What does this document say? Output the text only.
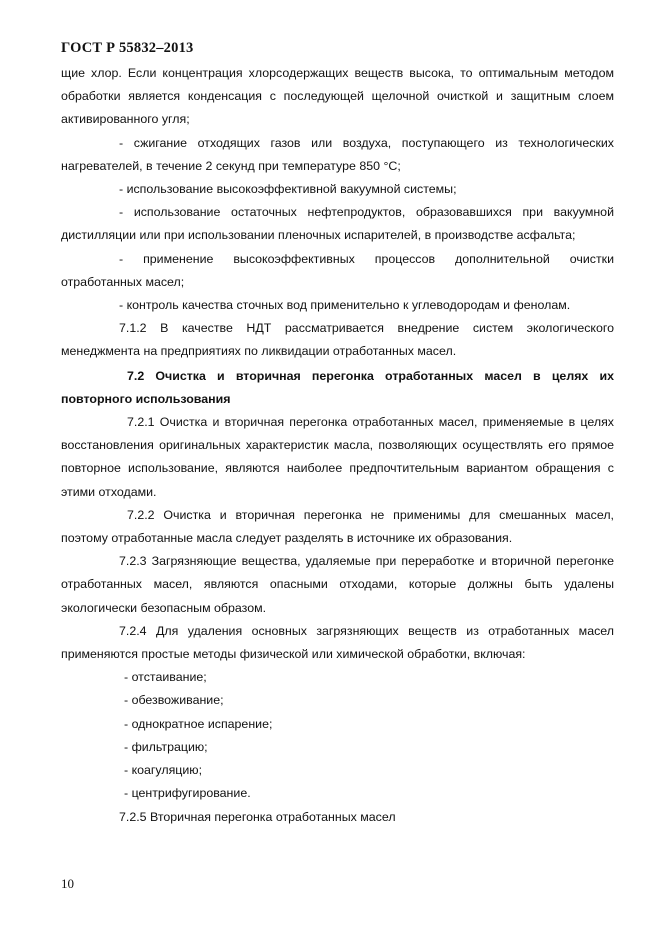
ГОСТ Р 55832–2013

щие хлор. Если концентрация хлорсодержащих веществ высока, то оптимальным методом обработки является конденсация с последующей щелочной очисткой и защитным слоем активированного угля;

- сжигание отходящих газов или воздуха, поступающего из технологических нагревателей, в течение 2 секунд при температуре 850 °С;

- использование высокоэффективной вакуумной системы;

- использование остаточных нефтепродуктов, образовавшихся при вакуумной дистилляции или при использовании пленочных испарителей, в производстве асфальта;

- применение высокоэффективных процессов дополнительной очистки отработанных масел;

- контроль качества сточных вод применительно к углеводородам и фенолам.

7.1.2 В качестве НДТ рассматривается внедрение систем экологического менеджмента на предприятиях по ликвидации отработанных масел.

7.2 Очистка и вторичная перегонка отработанных масел в целях их повторного использования

7.2.1 Очистка и вторичная перегонка отработанных масел, применяемые в целях восстановления оригинальных характеристик масла, позволяющих осуществлять его прямое повторное использование, являются наиболее предпочтительным вариантом обращения с этими отходами.

7.2.2 Очистка и вторичная перегонка не применимы для смешанных масел, поэтому отработанные масла следует разделять в источнике их образования.

7.2.3 Загрязняющие вещества, удаляемые при переработке и вторичной перегонке отработанных масел, являются опасными отходами, которые должны быть удалены экологически безопасным образом.

7.2.4 Для удаления основных загрязняющих веществ из отработанных масел применяются простые методы физической или химической обработки, включая:

- отстаивание;

- обезвоживание;

- однократное испарение;

- фильтрацию;

- коагуляцию;

- центрифугирование.

7.2.5 Вторичная перегонка отработанных масел

10
